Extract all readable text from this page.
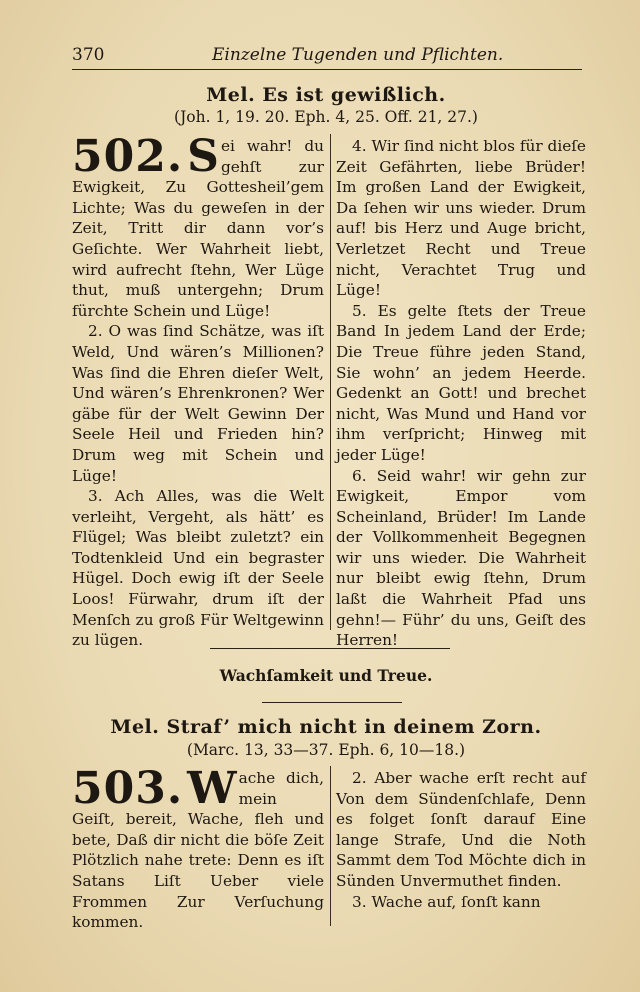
370	Einzelne Tugenden und Pflichten.
Mel. Es ist gewißlich.
(Joh. 1, 19. 20. Eph. 4, 25. Off. 21, 27.)

502. S ei wahr! du gehſt zur Ewigkeit, Zu Gottesheil’gem Lichte; Was du geweſen in der Zeit, Tritt dir dann vor’s Geſichte. Wer Wahrheit liebt, wird aufrecht ſtehn, Wer Lüge thut, muß untergehn; Drum fürchte Schein und Lüge!

2. O was ſind Schätze, was iſt Weld, Und wären’s Millionen? Was ſind die Ehren dieſer Welt, Und wären’s Ehrenkronen? Wer gäbe für der Welt Gewinn Der Seele Heil und Frieden hin? Drum weg mit Schein und Lüge!

3. Ach Alles, was die Welt verleiht, Vergeht, als hätt’ es Flügel; Was bleibt zuletzt? ein Todtenkleid Und ein begraster Hügel. Doch ewig iſt der Seele Loos! Fürwahr, drum iſt der Menſch zu groß Für Weltgewinn zu lügen.

4. Wir ſind nicht blos für dieſe Zeit Gefährten, liebe Brüder! Im großen Land der Ewigkeit, Da ſehen wir uns wieder. Drum auf! bis Herz und Auge bricht, Verletzet Recht und Treue nicht, Verachtet Trug und Lüge!

5. Es gelte ſtets der Treue Band In jedem Land der Erde; Die Treue führe jeden Stand, Sie wohn’ an jedem Heerde. Gedenkt an Gott! und brechet nicht, Was Mund und Hand vor ihm verſpricht; Hinweg mit jeder Lüge!

6. Seid wahr! wir gehn zur Ewigkeit, Empor vom Scheinland, Brüder! Im Lande der Vollkommenheit Begegnen wir uns wieder. Die Wahrheit nur bleibt ewig ſtehn, Drum laßt die Wahrheit Pfad uns gehn!— Führ’ du uns, Geiſt des Herren!

Wachſamkeit und Treue.
Mel. Straf’ mich nicht in deinem Zorn.
(Marc. 13, 33—37. Eph. 6, 10—18.)

503. W ache dich, mein Geiſt, bereit, Wache, fleh und bete, Daß dir nicht die böſe Zeit Plötzlich nahe trete: Denn es iſt Satans Liſt Ueber viele Frommen Zur Verſuchung kommen.

2. Aber wache erſt recht auf Von dem Sündenſchlafe, Denn es folget ſonſt darauf Eine lange Strafe, Und die Noth Sammt dem Tod Möchte dich in Sünden Unvermuthet finden.

3. Wache auf, ſonſt kann
